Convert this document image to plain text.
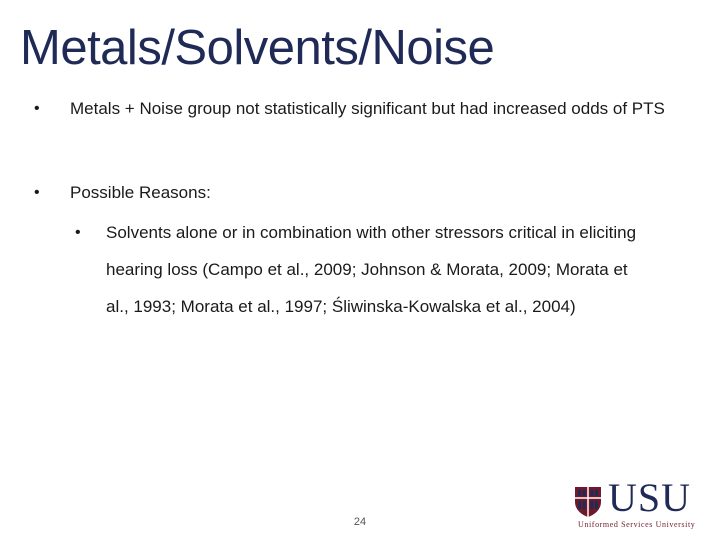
Metals/Solvents/Noise
• Metals + Noise group not statistically significant but had increased odds of PTS
• Possible Reasons:
• Solvents alone or in combination with other stressors critical in eliciting hearing loss (Campo et al., 2009; Johnson & Morata, 2009; Morata et al., 1993; Morata et al., 1997; Śliwinska-Kowalska et al., 2004)
24
USU
Uniformed Services University
